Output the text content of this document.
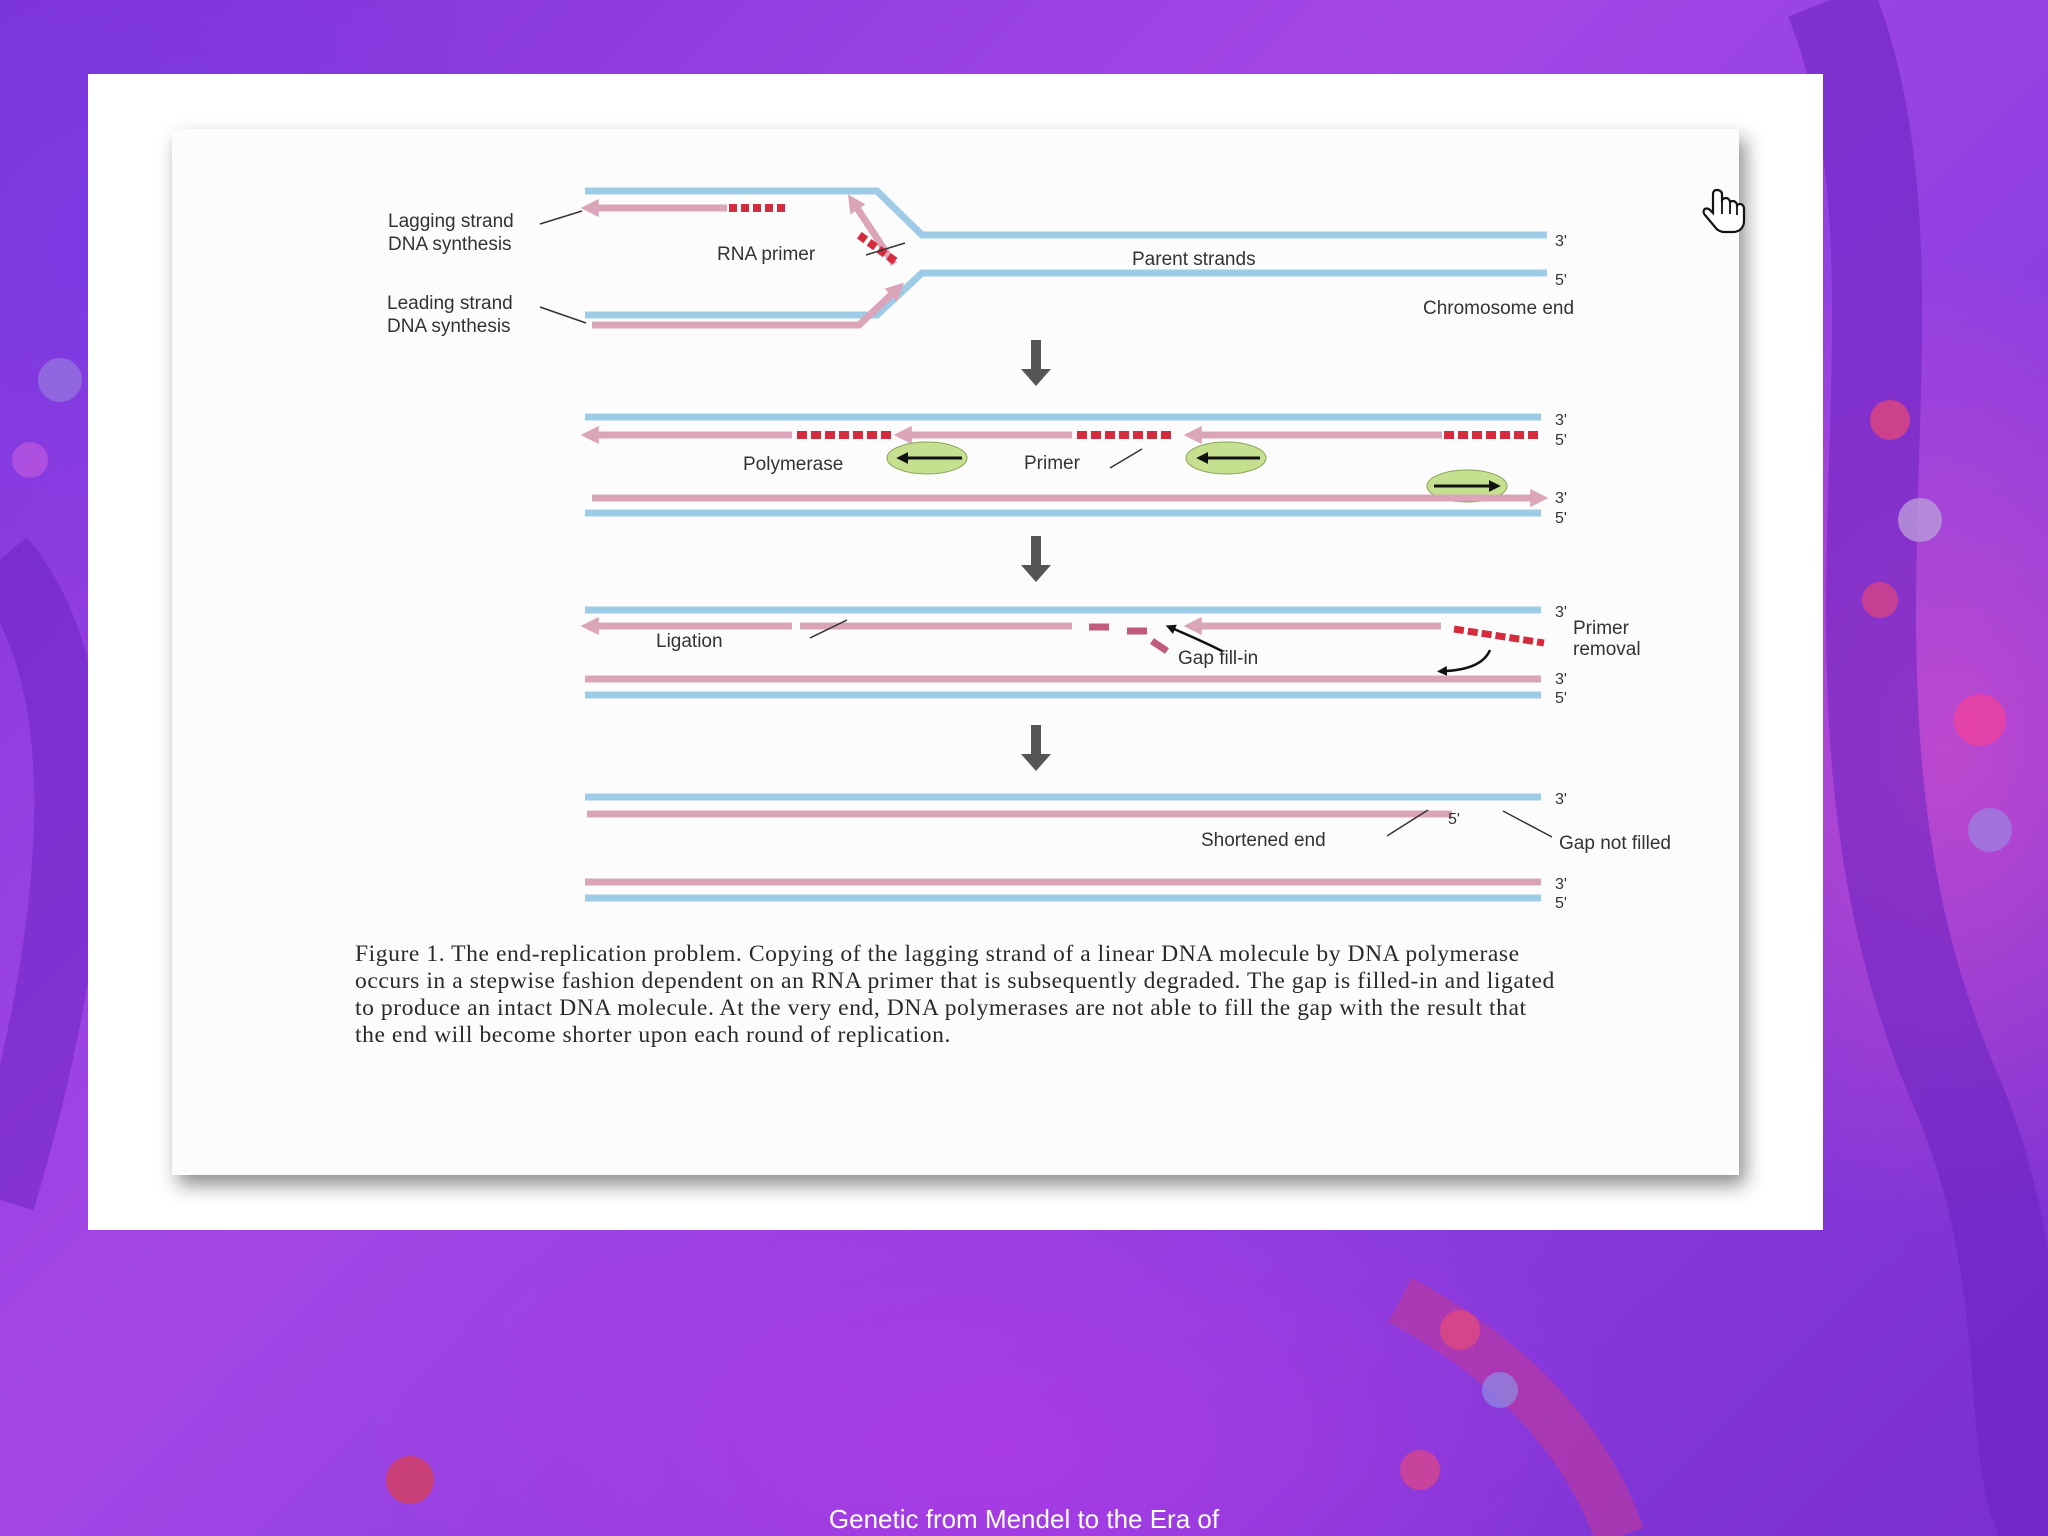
Lagging strand
DNA synthesis
Leading strand
DNA synthesis
RNA primer	Parent strands
Chromosome end
3'
5'
Polymerase	Primer
3'
5'
3'
5'
Ligation
Gap fill-in
Primer
removal
3'
3'
5'
Shortened end	Gap not filled
3'
5'
3'
5'

Figure 1. The end-replication problem. Copying of the lagging strand of a linear DNA molecule by DNA polymerase occurs in a stepwise fashion dependent on an RNA primer that is subsequently degraded. The gap is filled-in and ligated to produce an intact DNA molecule. At the very end, DNA polymerases are not able to fill the gap with the result that the end will become shorter upon each round of replication.

Genetic from Mendel to the Era of
